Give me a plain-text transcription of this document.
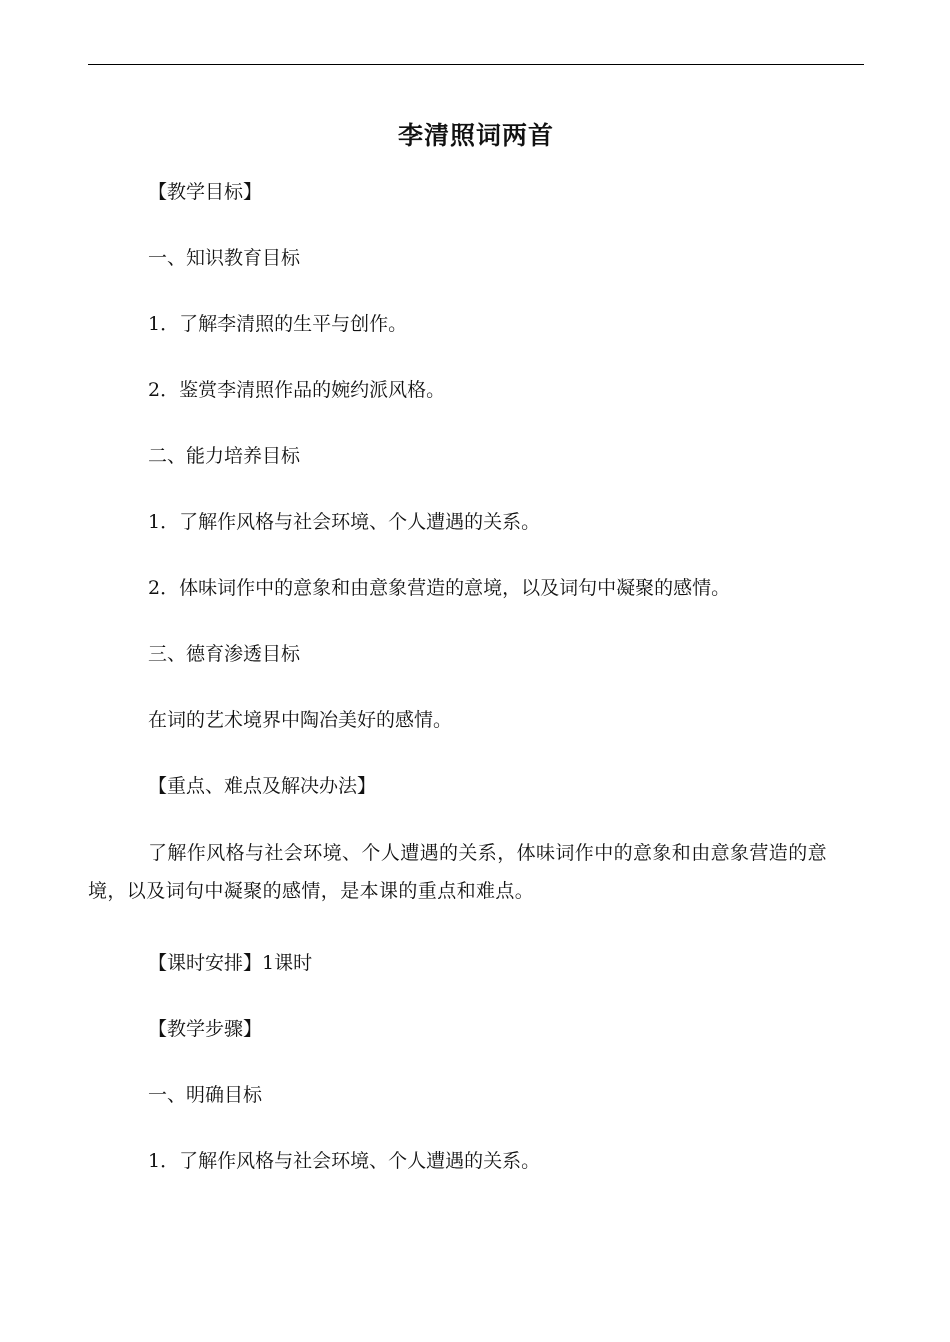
李清照词两首
【教学目标】
一、知识教育目标
1．了解李清照的生平与创作。
2．鉴赏李清照作品的婉约派风格。
二、能力培养目标
1．了解作风格与社会环境、个人遭遇的关系。
2．体味词作中的意象和由意象营造的意境，以及词句中凝聚的感情。
三、德育渗透目标
在词的艺术境界中陶冶美好的感情。
【重点、难点及解决办法】
了解作风格与社会环境、个人遭遇的关系，体味词作中的意象和由意象营造的意境，以及词句中凝聚的感情，是本课的重点和难点。
【课时安排】1课时
【教学步骤】
一、明确目标
1．了解作风格与社会环境、个人遭遇的关系。
